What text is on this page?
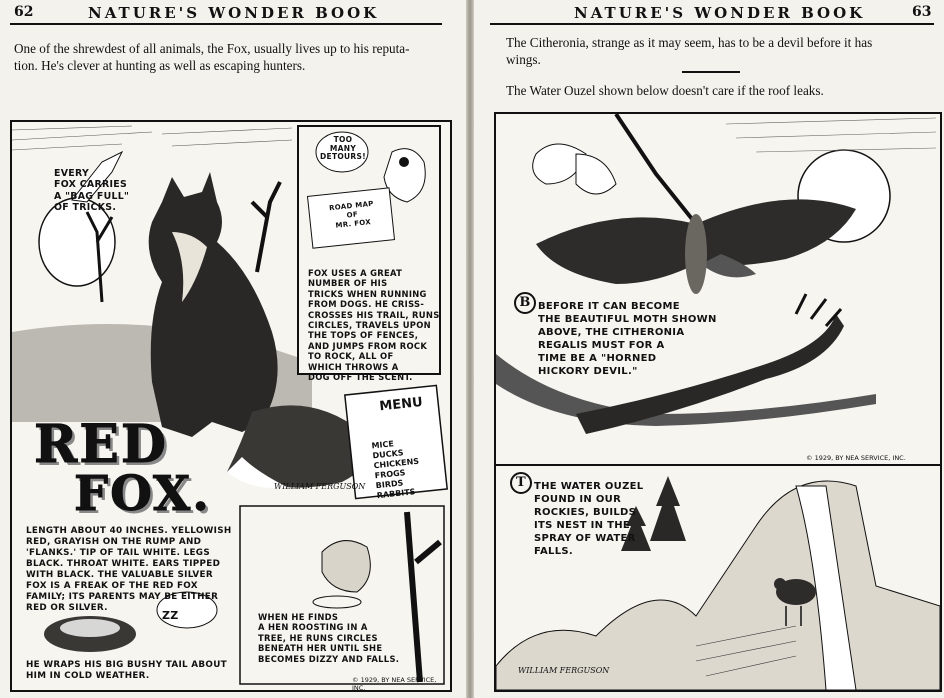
62	NATURE'S WONDER BOOK
One of the shrewdest of all animals, the Fox, usually lives up to his reputa-
tion. He's clever at hunting as well as escaping hunters.
EVERY
FOX CARRIES
A "BAG FULL"
OF TRICKS.
TOO
MANY
DETOURS!
ROAD MAP
OF
MR. FOX
FOX USES A GREAT
NUMBER OF HIS
TRICKS WHEN RUNNING
FROM DOGS. HE CRISS-
CROSSES HIS TRAIL, RUNS
CIRCLES, TRAVELS UPON
THE TOPS OF FENCES,
AND JUMPS FROM ROCK
TO ROCK, ALL OF
WHICH THROWS A
DOG OFF THE SCENT.
MENU
MICE
DUCKS
CHICKENS
FROGS
BIRDS
RABBITS
RED
FOX.	WILLIAM FERGUSON
LENGTH ABOUT 40 INCHES. YELLOWISH
RED, GRAYISH ON THE RUMP AND
'FLANKS.' TIP OF TAIL WHITE. LEGS
BLACK. THROAT WHITE. EARS TIPPED
WITH BLACK. THE VALUABLE SILVER
FOX IS A FREAK OF THE RED FOX
FAMILY; ITS PARENTS MAY BE EITHER
RED OR SILVER.
ZZ	WHEN HE FINDS
A HEN ROOSTING IN A
TREE, HE RUNS CIRCLES
BENEATH HER UNTIL SHE
BECOMES DIZZY AND FALLS.
HE WRAPS HIS BIG BUSHY TAIL ABOUT
HIM IN COLD WEATHER.	© 1929, BY NEA SERVICE, INC.
NATURE'S WONDER BOOK	63
The Citheronia, strange as it may seem, has to be a devil before it has
wings.
The Water Ouzel shown below doesn't care if the roof leaks.
B BEFORE IT CAN BECOME
THE BEAUTIFUL MOTH SHOWN
ABOVE, THE CITHERONIA
REGALIS MUST FOR A
TIME BE A "HORNED
HICKORY DEVIL."
© 1929, BY NEA SERVICE, INC.
T THE WATER OUZEL
FOUND IN OUR
ROCKIES, BUILDS
ITS NEST IN THE
SPRAY OF WATER
FALLS.
WILLIAM FERGUSON
